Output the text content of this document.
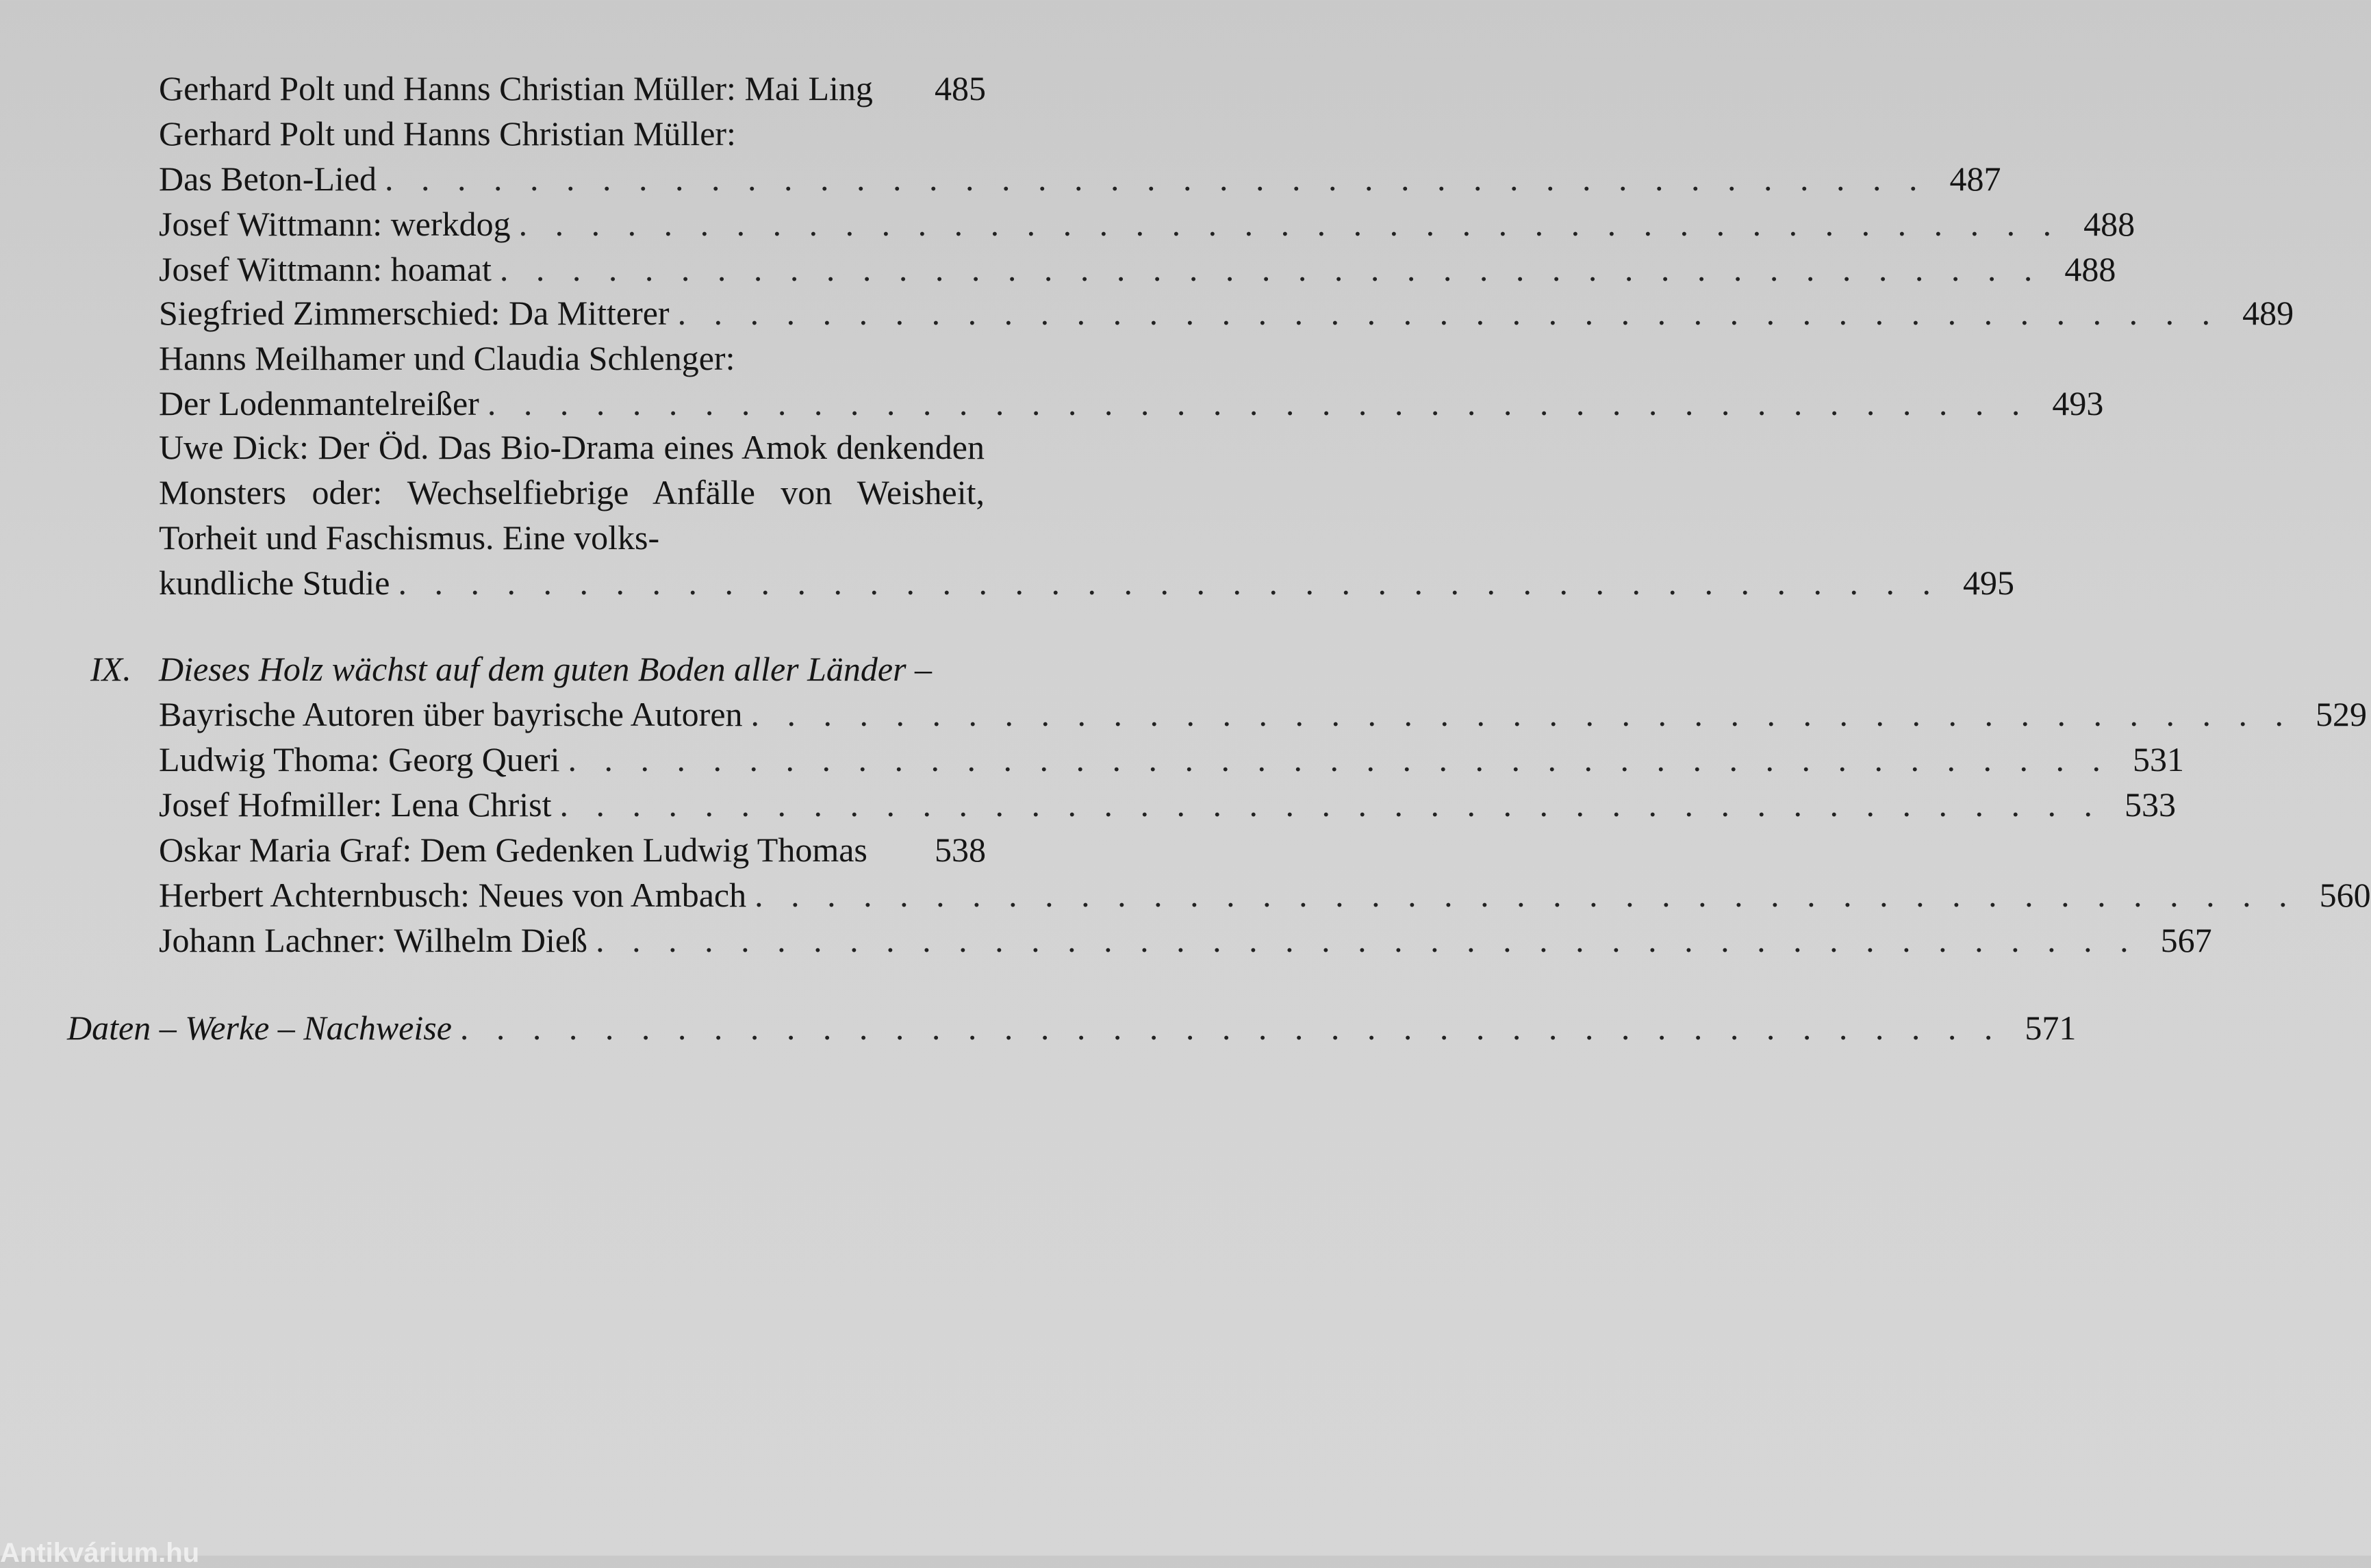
Gerhard Polt und Hanns Christian Müller: Mai Ling	485
Gerhard Polt und Hanns Christian Müller:
Das Beton-Lied . . . . . . . . . . . . . . . . . . . . . . . . . . . . . . . . . . . . . . . . . . . 487
Josef Wittmann: werkdog . . . . . . . . . . . . . . . . . . . . . . . . . . . . . . . . . . . . . . . . . . . 488
Josef Wittmann: hoamat . . . . . . . . . . . . . . . . . . . . . . . . . . . . . . . . . . . . . . . . . . . 488
Siegfried Zimmerschied: Da Mitterer . . . . . . . . . . . . . . . . . . . . . . . . . . . . . . . . . . . . . . . . . . . 489
Hanns Meilhamer und Claudia Schlenger:
Der Lodenmantelreißer . . . . . . . . . . . . . . . . . . . . . . . . . . . . . . . . . . . . . . . . . . . 493
Uwe Dick: Der Öd. Das Bio-Drama eines Amok denkenden Monsters oder: Wechselfiebrige Anfälle von Weisheit, Torheit und Faschismus. Eine volks-
kundliche Studie . . . . . . . . . . . . . . . . . . . . . . . . . . . . . . . . . . . . . . . . . . . 495
IX. Dieses Holz wächst auf dem guten Boden aller Länder –
Bayrische Autoren über bayrische Autoren . . . . . . . . . . . . . . . . . . . . . . . . . . . . . . . . . . . . . . . . . . . 529
Ludwig Thoma: Georg Queri . . . . . . . . . . . . . . . . . . . . . . . . . . . . . . . . . . . . . . . . . . . 531
Josef Hofmiller: Lena Christ . . . . . . . . . . . . . . . . . . . . . . . . . . . . . . . . . . . . . . . . . . . 533
Oskar Maria Graf: Dem Gedenken Ludwig Thomas	538
Herbert Achternbusch: Neues von Ambach . . . . . . . . . . . . . . . . . . . . . . . . . . . . . . . . . . . . . . . . . . . 560
Johann Lachner: Wilhelm Dieß . . . . . . . . . . . . . . . . . . . . . . . . . . . . . . . . . . . . . . . . . . . 567
Daten – Werke – Nachweise . . . . . . . . . . . . . . . . . . . . . . . . . . . . . . . . . . . . . . . . . . . 571
Antikvárium.hu
